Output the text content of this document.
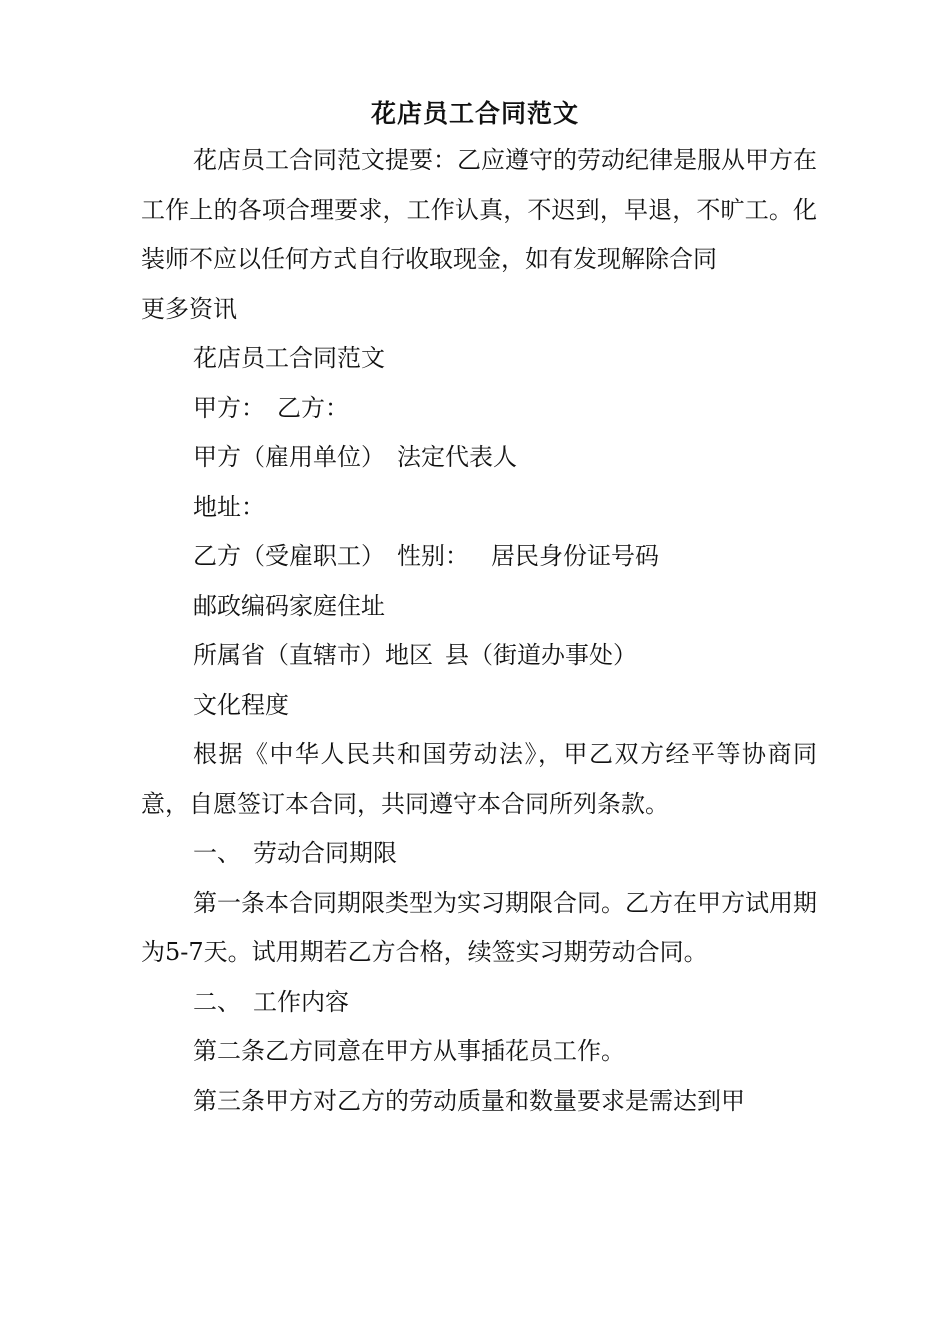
花店员工合同范文

花店员工合同范文提要：乙应遵守的劳动纪律是服从甲方在工作上的各项合理要求，工作认真，不迟到，早退，不旷工。化装师不应以任何方式自行收取现金，如有发现解除合同

更多资讯

花店员工合同范文

甲方： 乙方：

甲方（雇用单位） 法定代表人

地址：

乙方（受雇职工） 性别： 居民身份证号码

邮政编码家庭住址

所属省（直辖市）地区 县（街道办事处）

文化程度

根据《中华人民共和国劳动法》，甲乙双方经平等协商同意，自愿签订本合同，共同遵守本合同所列条款。

一、 劳动合同期限

第一条本合同期限类型为实习期限合同。乙方在甲方试用期为5-7天。试用期若乙方合格，续签实习期劳动合同。

二、 工作内容

第二条乙方同意在甲方从事插花员工作。

第三条甲方对乙方的劳动质量和数量要求是需达到甲
